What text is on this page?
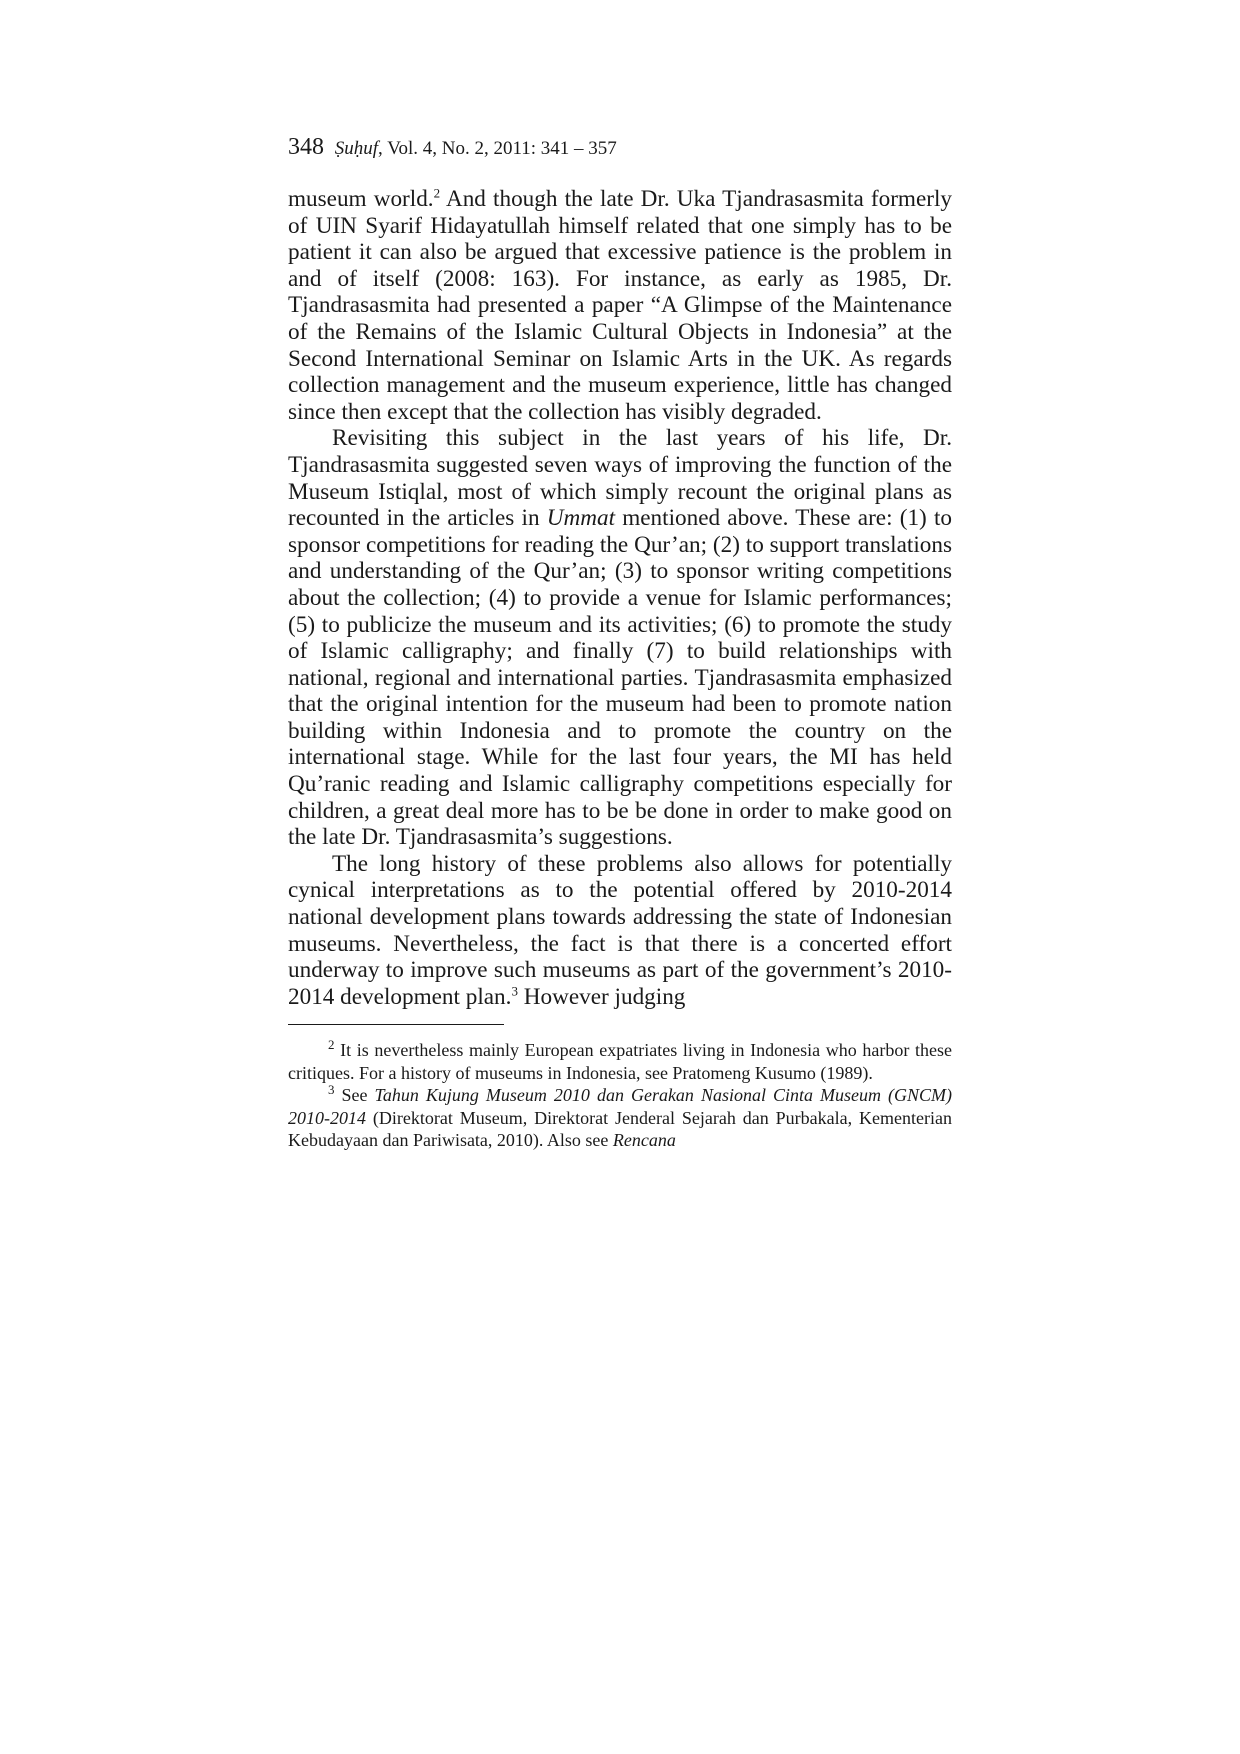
348 Ṣuḥuf, Vol. 4, No. 2, 2011: 341 – 357

museum world.$^2$ And though the late Dr. Uka Tjandrasasmita formerly of UIN Syarif Hidayatullah himself related that one simply has to be patient it can also be argued that excessive patience is the problem in and of itself (2008: 163). For instance, as early as 1985, Dr. Tjandrasasmita had presented a paper “A Glimpse of the Maintenance of the Remains of the Islamic Cultural Objects in Indonesia” at the Second International Seminar on Islamic Arts in the UK. As regards collection management and the museum experience, little has changed since then except that the collection has visibly degraded.

Revisiting this subject in the last years of his life, Dr. Tjandrasasmita suggested seven ways of improving the function of the Museum Istiqlal, most of which simply recount the original plans as recounted in the articles in Ummat mentioned above. These are: (1) to sponsor competitions for reading the Qur’an; (2) to support translations and understanding of the Qur’an; (3) to sponsor writing competitions about the collection; (4) to provide a venue for Islamic performances; (5) to publicize the museum and its activities; (6) to promote the study of Islamic calligraphy; and finally (7) to build relationships with national, regional and international parties. Tjandrasasmita emphasized that the original intention for the museum had been to promote nation building within Indonesia and to promote the country on the international stage. While for the last four years, the MI has held Qu’ranic reading and Islamic calligraphy competitions especially for children, a great deal more has to be be done in order to make good on the late Dr. Tjandrasasmita’s suggestions.

The long history of these problems also allows for potentially cynical interpretations as to the potential offered by 2010-2014 national development plans towards addressing the state of Indonesian museums. Nevertheless, the fact is that there is a concerted effort underway to improve such museums as part of the government’s 2010-2014 development plan.$^3$ However judging

$^2$ It is nevertheless mainly European expatriates living in Indonesia who harbor these critiques. For a history of museums in Indonesia, see Pratomeng Kusumo (1989).

$^3$ See Tahun Kujung Museum 2010 dan Gerakan Nasional Cinta Museum (GNCM) 2010-2014 (Direktorat Museum, Direktorat Jenderal Sejarah dan Purbakala, Kementerian Kebudayaan dan Pariwisata, 2010). Also see Rencana
